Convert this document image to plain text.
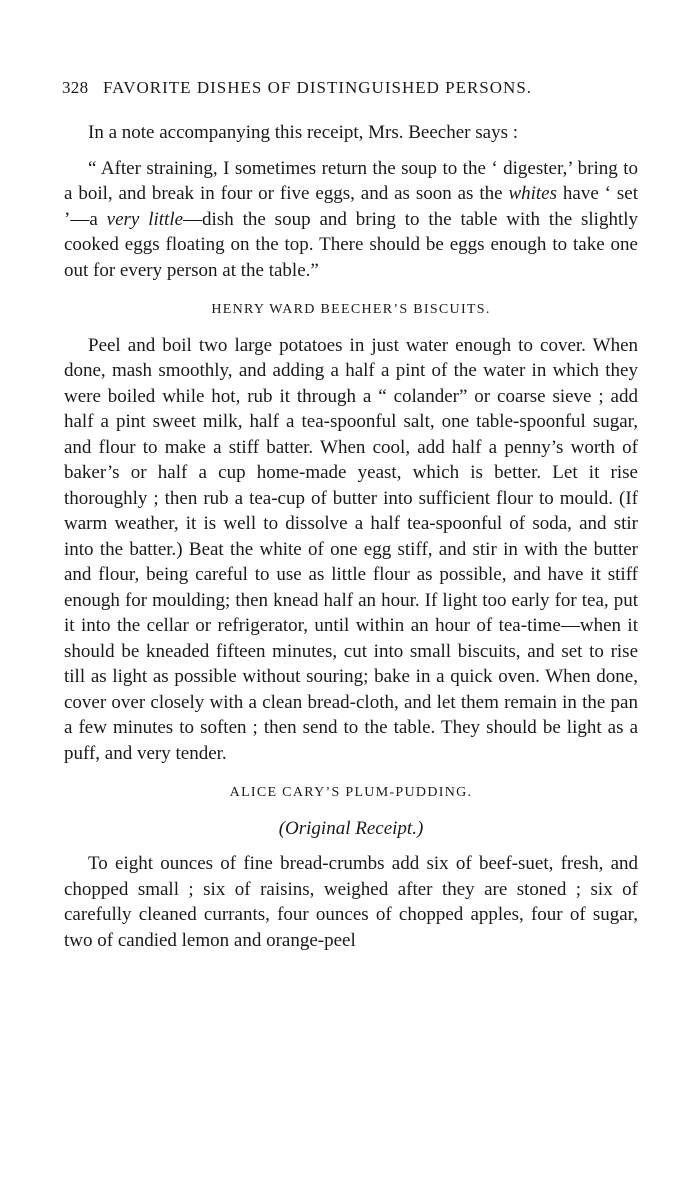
328 FAVORITE DISHES OF DISTINGUISHED PERSONS.

In a note accompanying this receipt, Mrs. Beecher says :

“ After straining, I sometimes return the soup to the ‘ digester,’ bring to a boil, and break in four or five eggs, and as soon as the whites have ‘ set ’—a very little—dish the soup and bring to the table with the slightly cooked eggs floating on the top. There should be eggs enough to take one out for every person at the table.”

HENRY WARD BEECHER’S BISCUITS.

Peel and boil two large potatoes in just water enough to cover. When done, mash smoothly, and adding a half a pint of the water in which they were boiled while hot, rub it through a “ colander” or coarse sieve ; add half a pint sweet milk, half a tea-spoonful salt, one table-spoonful sugar, and flour to make a stiff batter. When cool, add half a penny’s worth of baker’s or half a cup home-made yeast, which is better. Let it rise thoroughly ; then rub a tea-cup of butter into sufficient flour to mould. (If warm weather, it is well to dissolve a half tea-spoonful of soda, and stir into the batter.) Beat the white of one egg stiff, and stir in with the butter and flour, being careful to use as little flour as possible, and have it stiff enough for moulding; then knead half an hour. If light too early for tea, put it into the cellar or refrigerator, until within an hour of tea-time—when it should be kneaded fifteen minutes, cut into small biscuits, and set to rise till as light as possible without souring; bake in a quick oven. When done, cover over closely with a clean bread-cloth, and let them remain in the pan a few minutes to soften ; then send to the table. They should be light as a puff, and very tender.

ALICE CARY’S PLUM-PUDDING.

(Original Receipt.)

To eight ounces of fine bread-crumbs add six of beef-suet, fresh, and chopped small ; six of raisins, weighed after they are stoned ; six of carefully cleaned currants, four ounces of chopped apples, four of sugar, two of candied lemon and orange-peel
